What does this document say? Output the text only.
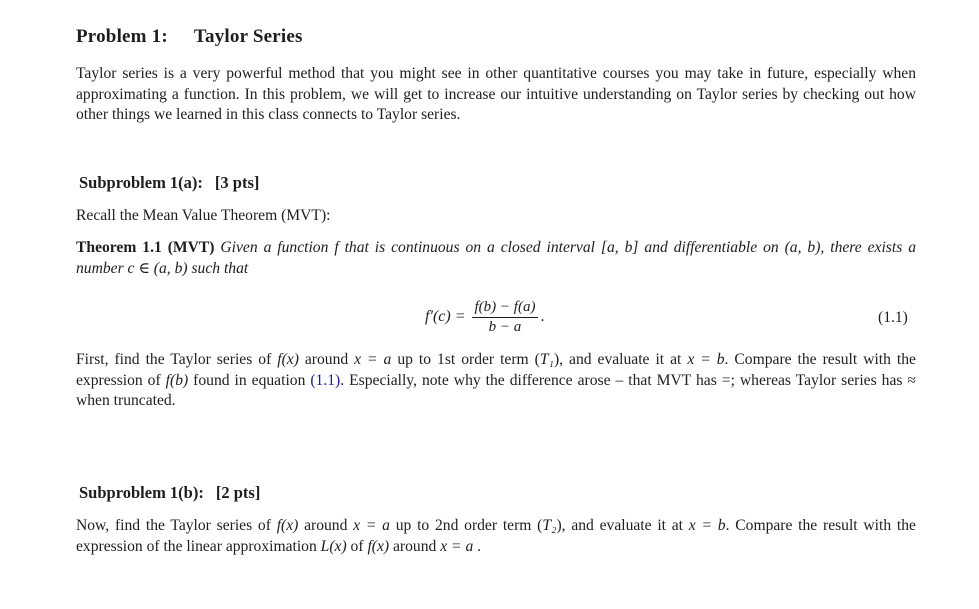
Problem 1: Taylor Series
Taylor series is a very powerful method that you might see in other quantitative courses you may take in future, especially when approximating a function. In this problem, we will get to increase our intuitive understanding on Taylor series by checking out how other things we learned in this class connects to Taylor series.
Subproblem 1(a): [3 pts]
Recall the Mean Value Theorem (MVT):
Theorem 1.1 (MVT) Given a function f that is continuous on a closed interval [a, b] and differentiable on (a, b), there exists a number c ∈ (a, b) such that
$f'(c) = \frac{f(b) - f(a)}{b - a}$ .	(1.1)
First, find the Taylor series of f(x) around x = a up to 1st order term (T₁), and evaluate it at x = b. Compare the result with the expression of f(b) found in equation (1.1). Especially, note why the difference arose – that MVT has =; whereas Taylor series has ≈ when truncated.
Subproblem 1(b): [2 pts]
Now, find the Taylor series of f(x) around x = a up to 2nd order term (T₂), and evaluate it at x = b. Compare the result with the expression of the linear approximation L(x) of f(x) around x = a .
